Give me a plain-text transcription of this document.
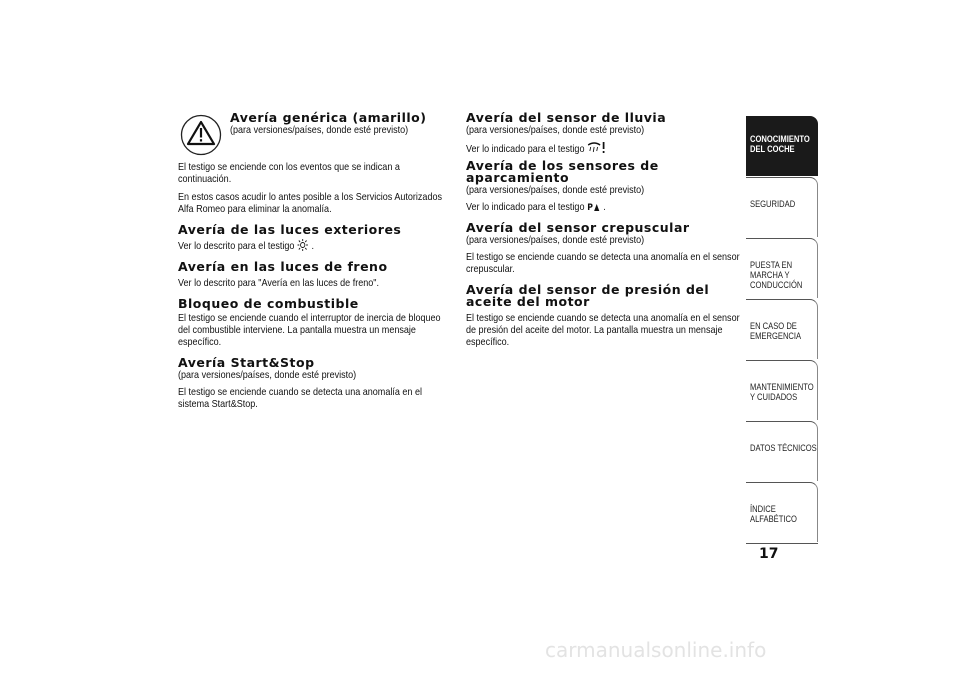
Avería genérica (amarillo)
(para versiones/países, donde esté previsto)
El testigo se enciende con los eventos que se indican a continuación.
En estos casos acudir lo antes posible a los Servicios Autorizados Alfa Romeo para eliminar la anomalía.
Avería de las luces exteriores
Ver lo descrito para el testigo .
Avería en las luces de freno
Ver lo descrito para "Avería en las luces de freno".
Bloqueo de combustible
El testigo se enciende cuando el interruptor de inercia de bloqueo del combustible interviene. La pantalla muestra un mensaje específico.
Avería Start&Stop
(para versiones/países, donde esté previsto)
El testigo se enciende cuando se detecta una anomalía en el sistema Start&Stop.
Avería del sensor de lluvia
(para versiones/países, donde esté previsto)
Ver lo indicado para el testigo
Avería de los sensores de aparcamiento
(para versiones/países, donde esté previsto)
Ver lo indicado para el testigo P .
Avería del sensor crepuscular
(para versiones/países, donde esté previsto)
El testigo se enciende cuando se detecta una anomalía en el sensor crepuscular.
Avería del sensor de presión del aceite del motor
El testigo se enciende cuando se detecta una anomalía en el sensor de presión del aceite del motor. La pantalla muestra un mensaje específico.
CONOCIMIENTO DEL COCHE
SEGURIDAD
PUESTA EN MARCHA Y CONDUCCIÓN
EN CASO DE EMERGENCIA
MANTENIMIENTO Y CUIDADOS
DATOS TÉCNICOS
ÍNDICE ALFABÉTICO
17
carmanualsonline.info
